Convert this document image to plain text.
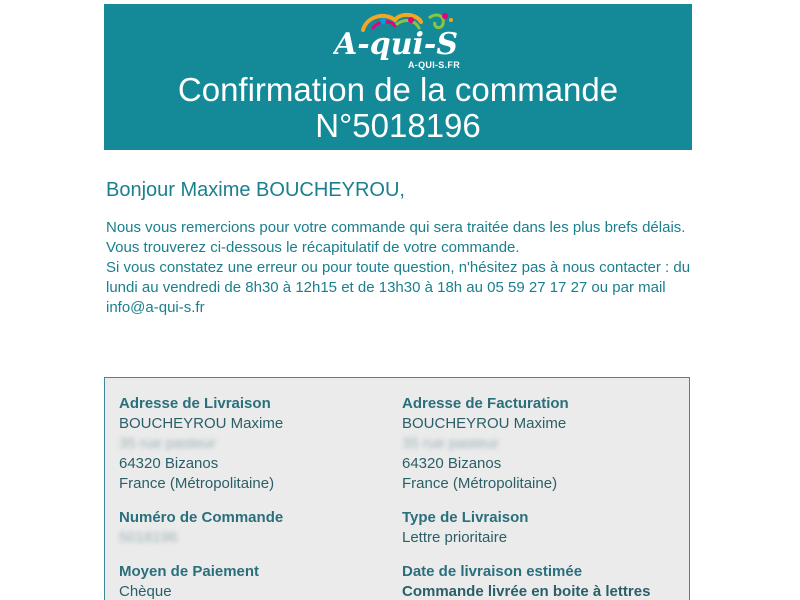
A-qui-S
A-QUI-S.FR
Confirmation de la commande
N°5018196
Bonjour Maxime BOUCHEYROU,

Nous vous remercions pour votre commande qui sera traitée dans les plus brefs délais.

Vous trouverez ci-dessous le récapitulatif de votre commande.

Si vous constatez une erreur ou pour toute question, n'hésitez pas à nous contacter : du lundi au vendredi de 8h30 à 12h15 et de 13h30 à 18h au 05 59 27 17 27 ou par mail info@a-qui-s.fr

Adresse de Livraison
BOUCHEYROU Maxime
35 rue pasteur
64320 Bizanos
France (Métropolitaine)
Numéro de Commande
5018196
Moyen de Paiement
Chèque
Adresse de Facturation
BOUCHEYROU Maxime
35 rue pasteur
64320 Bizanos
France (Métropolitaine)
Type de Livraison
Lettre prioritaire
Date de livraison estimée
Commande livrée en boite à lettres
